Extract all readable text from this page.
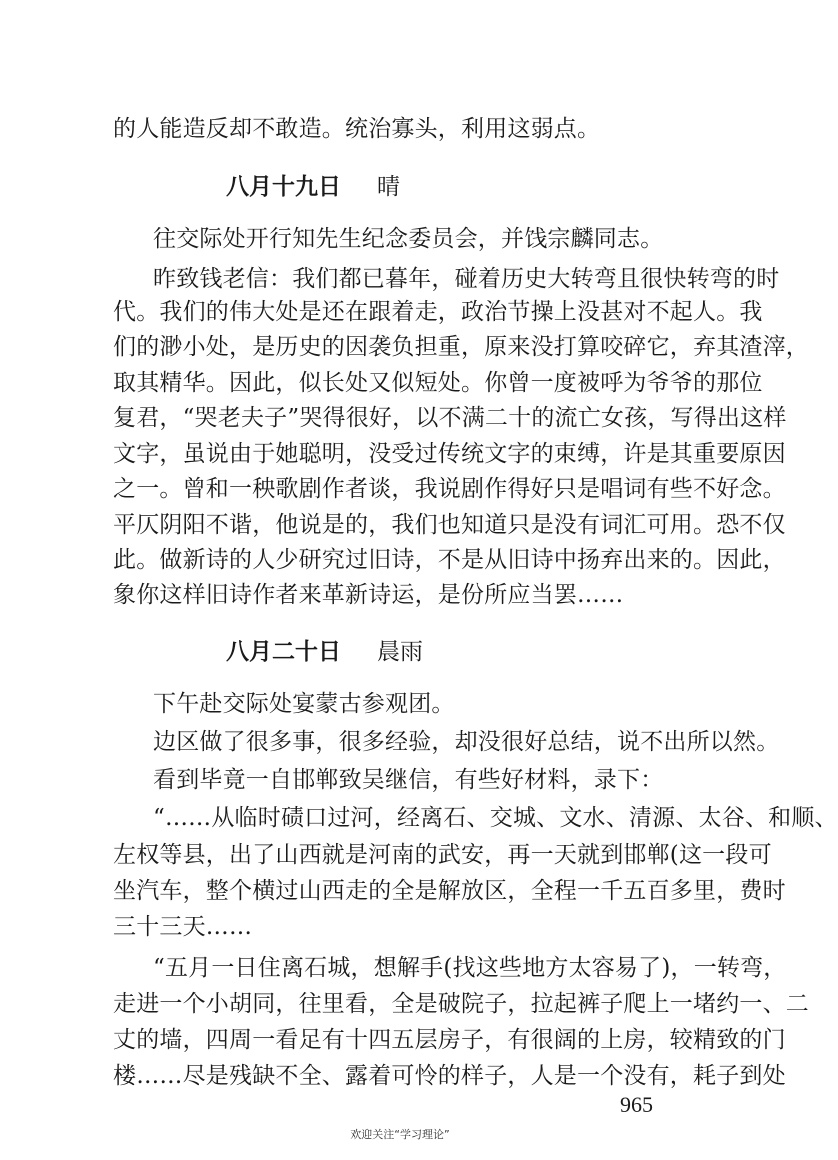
的人能造反却不敢造。统治寡头，利用这弱点。
八月十九日 晴
往交际处开行知先生纪念委员会，并饯宗麟同志。
昨致钱老信：我们都已暮年，碰着历史大转弯且很快转弯的时
代。我们的伟大处是还在跟着走，政治节操上没甚对不起人。我
们的渺小处，是历史的因袭负担重，原来没打算咬碎它，弃其渣滓，
取其精华。因此，似长处又似短处。你曾一度被呼为爷爷的那位
复君，“哭老夫子”哭得很好，以不满二十的流亡女孩，写得出这样
文字，虽说由于她聪明，没受过传统文字的束缚，许是其重要原因
之一。曾和一秧歌剧作者谈，我说剧作得好只是唱词有些不好念。
平仄阴阳不谐，他说是的，我们也知道只是没有词汇可用。恐不仅
此。做新诗的人少研究过旧诗，不是从旧诗中扬弃出来的。因此，
象你这样旧诗作者来革新诗运，是份所应当罢……
八月二十日 晨雨
下午赴交际处宴蒙古参观团。
边区做了很多事，很多经验，却没很好总结，说不出所以然。
看到毕竟一自邯郸致吴继信，有些好材料，录下：
“……从临时碛口过河，经离石、交城、文水、清源、太谷、和顺、
左权等县，出了山西就是河南的武安，再一天就到邯郸(这一段可
坐汽车，整个横过山西走的全是解放区，全程一千五百多里，费时
三十三天……
“五月一日住离石城，想解手(找这些地方太容易了)，一转弯，
走进一个小胡同，往里看，全是破院子，拉起裤子爬上一堵约一、二
丈的墙，四周一看足有十四五层房子，有很阔的上房，较精致的门
楼……尽是残缺不全、露着可怜的样子，人是一个没有，耗子到处
965
欢迎关注“学习理论”
